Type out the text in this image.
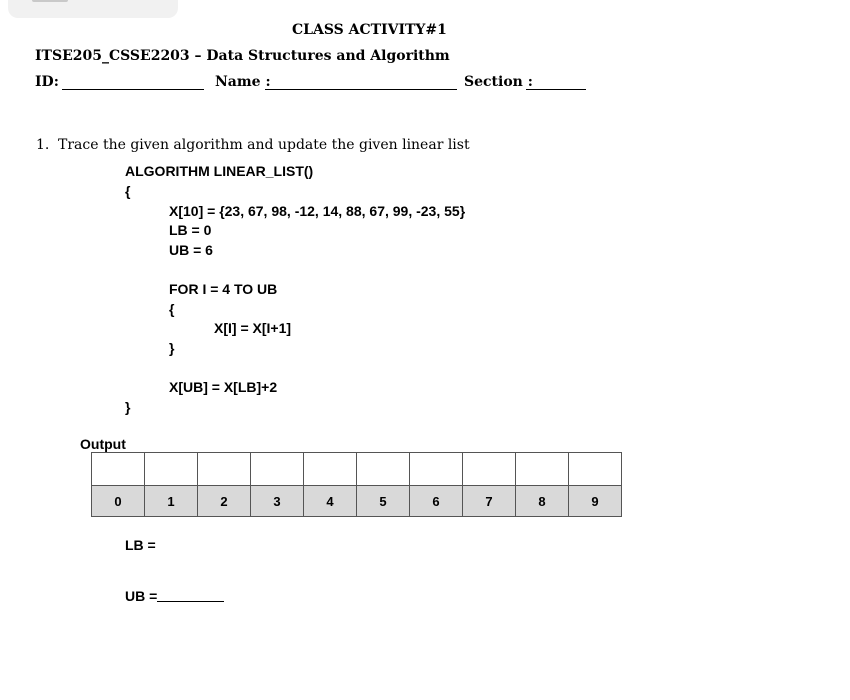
CLASS ACTIVITY#1
ITSE205_CSSE2203 – Data Structures and Algorithm
ID:	Name :	Section :
1. Trace the given algorithm and update the given linear list
ALGORITHM LINEAR_LIST()
{
X[10] = {23, 67, 98, -12, 14, 88, 67, 99, -23, 55}
LB = 0
UB = 6
FOR I = 4 TO UB
{
X[I] = X[I+1]
}
X[UB] = X[LB]+2
}
Output

0	1	2	3	4	5	6	7	8	9
LB =
UB =
